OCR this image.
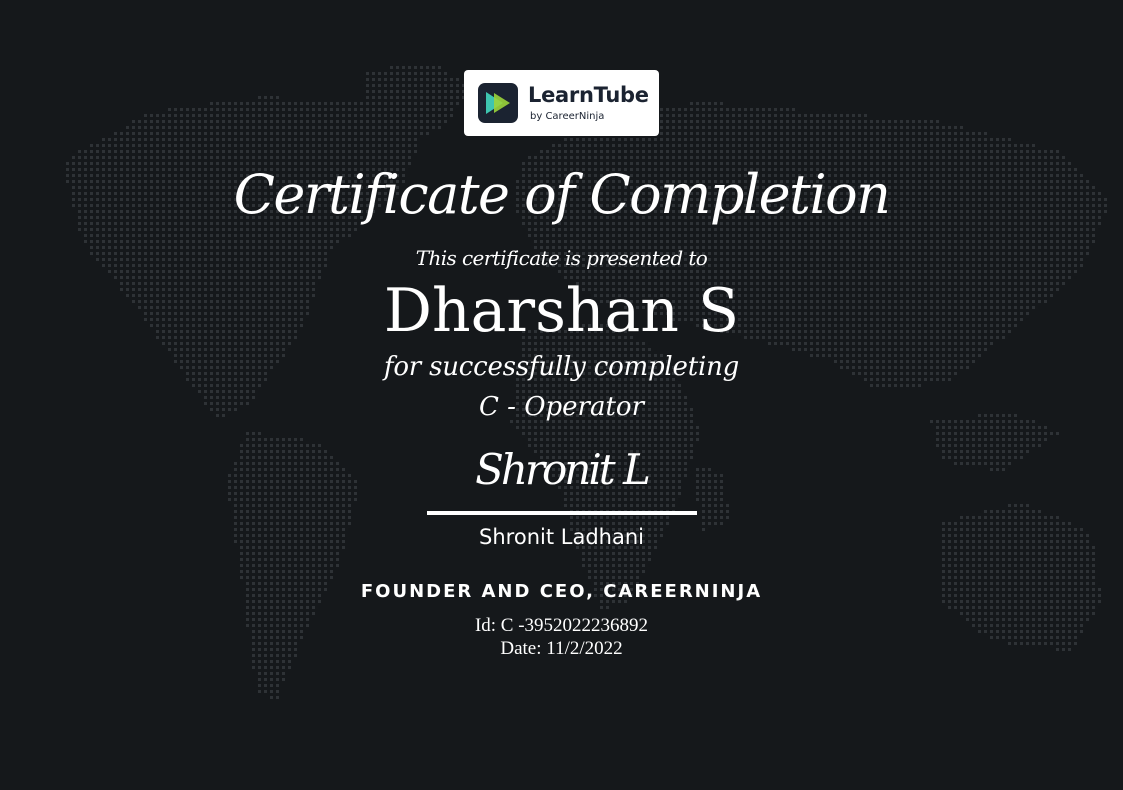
LearnTube
by CareerNinja
Certificate of Completion
This certificate is presented to
Dharshan S
for successfully completing
C - Operator
Shronit L
Shronit Ladhani
FOUNDER AND CEO, CAREERNINJA
Id: C -3952022236892
Date: 11/2/2022
